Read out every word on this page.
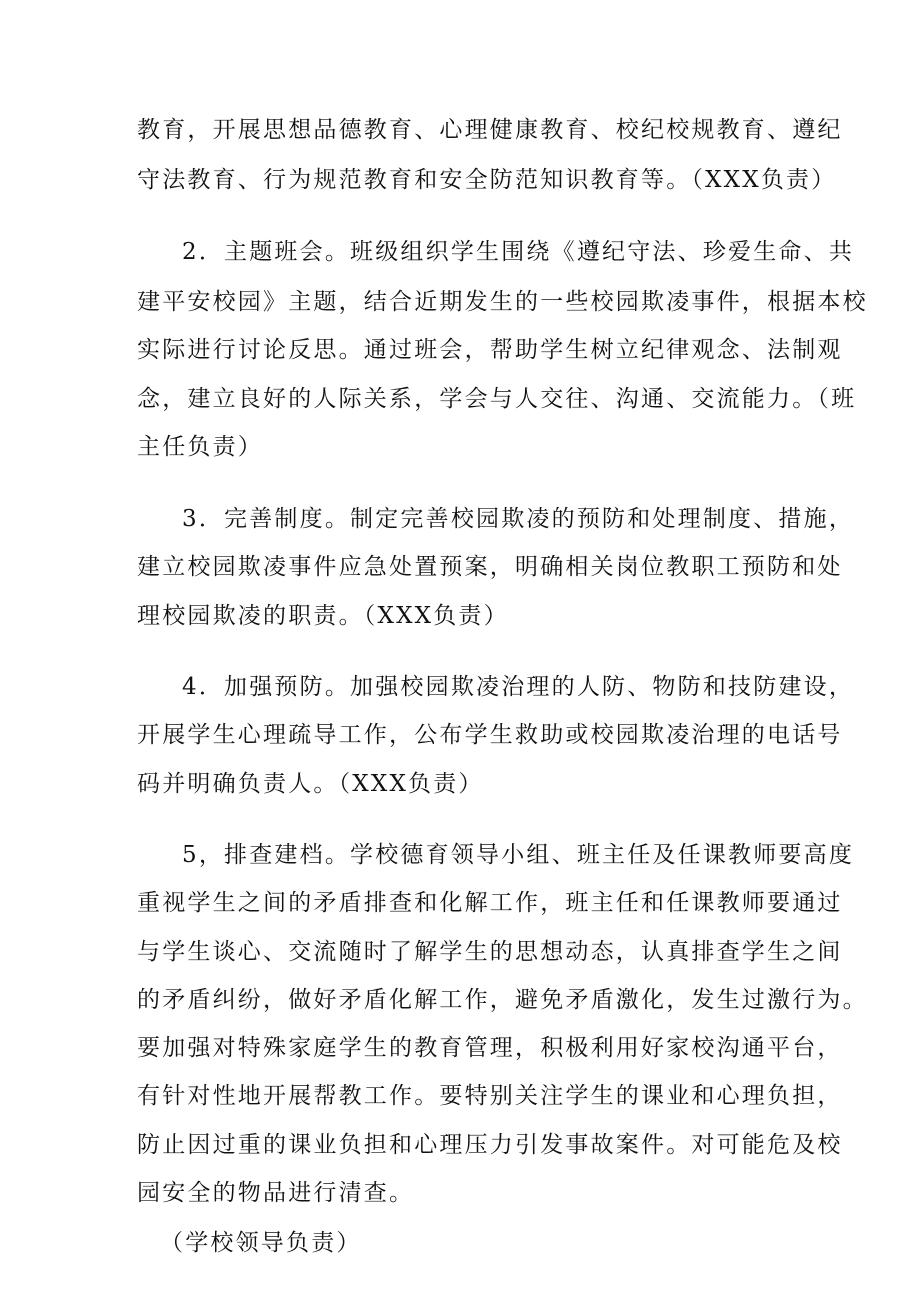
教育，开展思想品德教育、心理健康教育、校纪校规教育、遵纪
守法教育、行为规范教育和安全防范知识教育等。（XXX负责）
2．主题班会。班级组织学生围绕《遵纪守法、珍爱生命、共
建平安校园》主题，结合近期发生的一些校园欺凌事件，根据本校
实际进行讨论反思。通过班会，帮助学生树立纪律观念、法制观
念，建立良好的人际关系，学会与人交往、沟通、交流能力。（班
主任负责）
3．完善制度。制定完善校园欺凌的预防和处理制度、措施，
建立校园欺凌事件应急处置预案，明确相关岗位教职工预防和处
理校园欺凌的职责。（XXX负责）
4．加强预防。加强校园欺凌治理的人防、物防和技防建设，
开展学生心理疏导工作，公布学生救助或校园欺凌治理的电话号
码并明确负责人。（XXX负责）
5，排查建档。学校德育领导小组、班主任及任课教师要高度
重视学生之间的矛盾排查和化解工作，班主任和任课教师要通过
与学生谈心、交流随时了解学生的思想动态，认真排查学生之间
的矛盾纠纷，做好矛盾化解工作，避免矛盾激化，发生过激行为。
要加强对特殊家庭学生的教育管理，积极利用好家校沟通平台，
有针对性地开展帮教工作。要特别关注学生的课业和心理负担，
防止因过重的课业负担和心理压力引发事故案件。对可能危及校
园安全的物品进行清查。
（学校领导负责）
